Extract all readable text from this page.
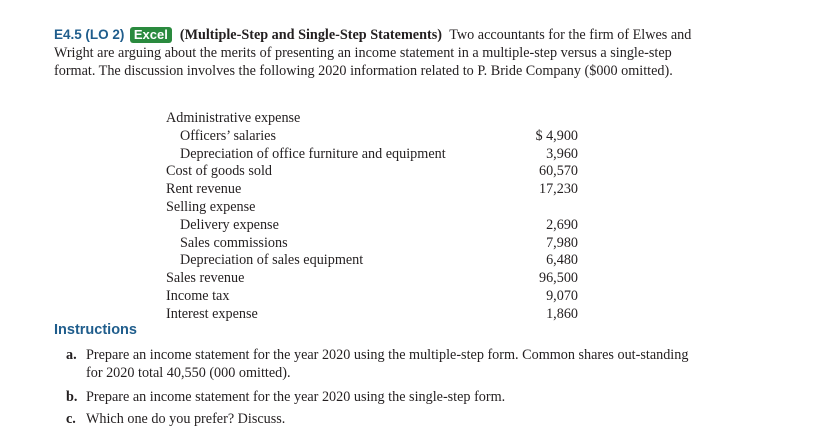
E4.5 (LO 2) Excel (Multiple-Step and Single-Step Statements) Two accountants for the firm of Elwes and Wright are arguing about the merits of presenting an income statement in a multiple-step versus a single-step format. The discussion involves the following 2020 information related to P. Bride Company ($000 omitted).
Administrative expense
Officers’ salaries	$ 4,900
Depreciation of office furniture and equipment	3,960
Cost of goods sold	60,570
Rent revenue	17,230
Selling expense
Delivery expense	2,690
Sales commissions	7,980
Depreciation of sales equipment	6,480
Sales revenue	96,500
Income tax	9,070
Interest expense	1,860
Instructions
a. Prepare an income statement for the year 2020 using the multiple-step form. Common shares out-standing for 2020 total 40,550 (000 omitted).
b. Prepare an income statement for the year 2020 using the single-step form.
c. Which one do you prefer? Discuss.
